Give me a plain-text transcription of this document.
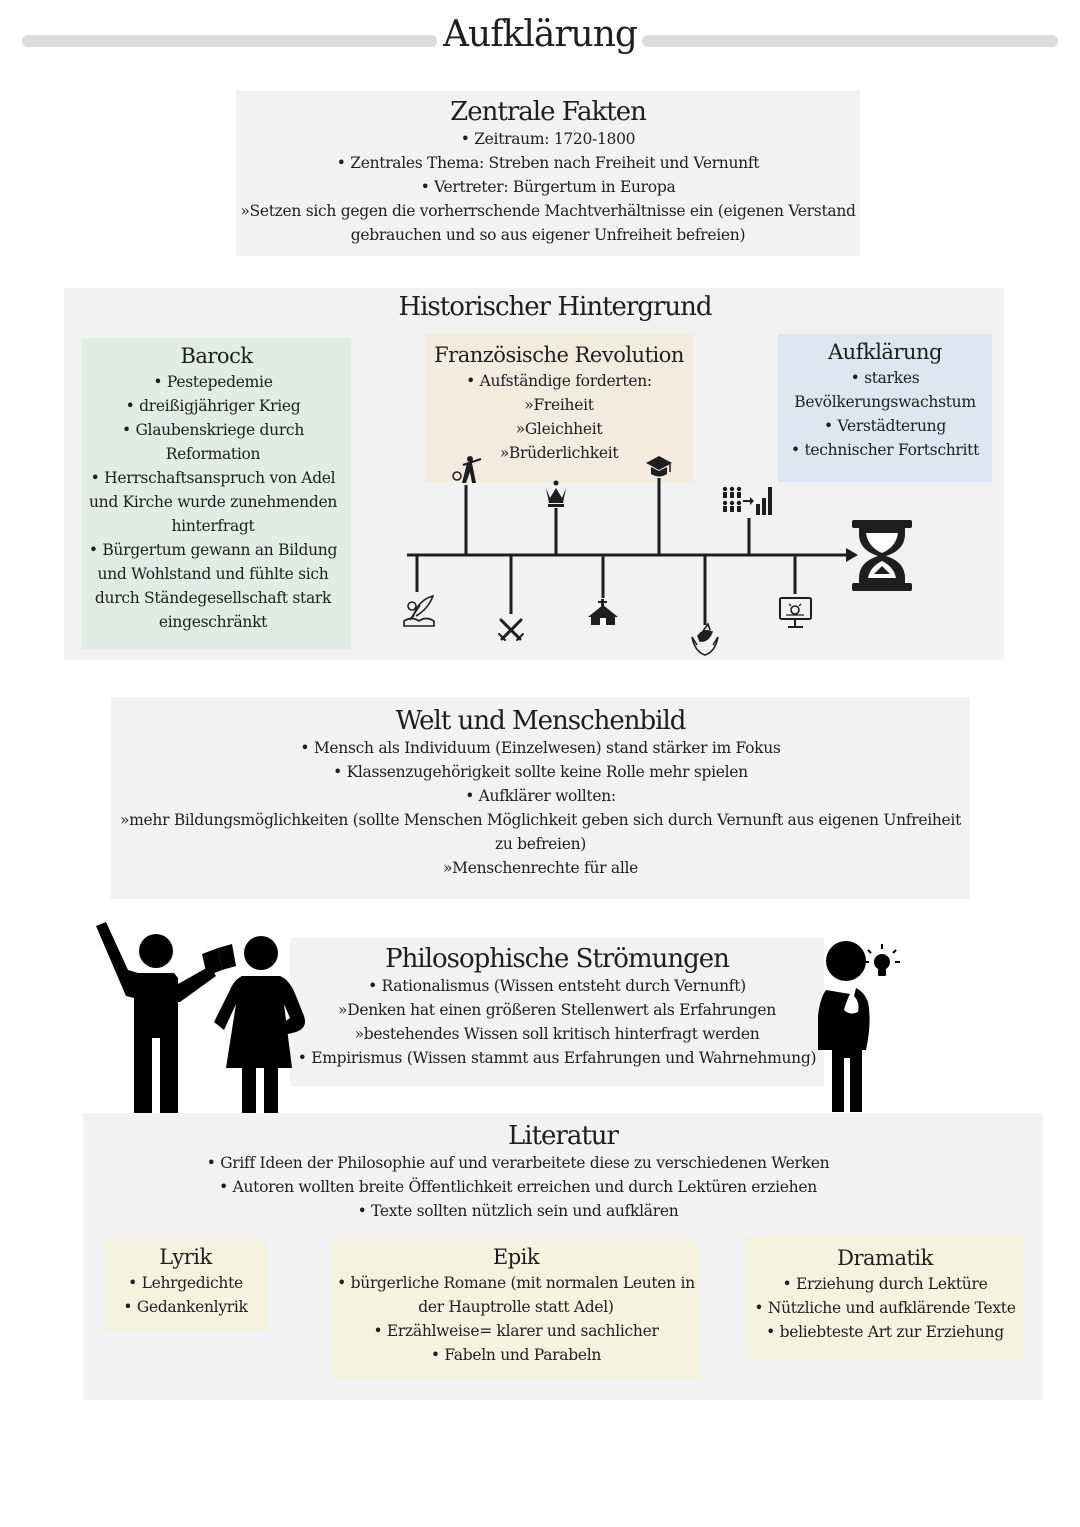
Aufklärung
Zentrale Fakten
• Zeitraum: 1720-1800
• Zentrales Thema: Streben nach Freiheit und Vernunft
• Vertreter: Bürgertum in Europa
»Setzen sich gegen die vorherrschende Machtverhältnisse ein (eigenen Verstand
gebrauchen und so aus eigener Unfreiheit befreien)
Historischer Hintergrund
Barock
• Pestepedemie
• dreißigjähriger Krieg
• Glaubenskriege durch
Reformation
• Herrschaftsanspruch von Adel
und Kirche wurde zunehmenden
hinterfragt
• Bürgertum gewann an Bildung
und Wohlstand und fühlte sich
durch Ständegesellschaft stark
eingeschränkt
Französische Revolution
• Aufständige forderten:
»Freiheit
»Gleichheit
»Brüderlichkeit
Aufklärung
• starkes
Bevölkerungswachstum
• Verstädterung
• technischer Fortschritt
Welt und Menschenbild
• Mensch als Individuum (Einzelwesen) stand stärker im Fokus
• Klassenzugehörigkeit sollte keine Rolle mehr spielen
• Aufklärer wollten:
»mehr Bildungsmöglichkeiten (sollte Menschen Möglichkeit geben sich durch Vernunft aus eigenen Unfreiheit
zu befreien)
»Menschenrechte für alle
Philosophische Strömungen
• Rationalismus (Wissen entsteht durch Vernunft)
»Denken hat einen größeren Stellenwert als Erfahrungen
»bestehendes Wissen soll kritisch hinterfragt werden
• Empirismus (Wissen stammt aus Erfahrungen und Wahrnehmung)
Literatur
• Griff Ideen der Philosophie auf und verarbeitete diese zu verschiedenen Werken
• Autoren wollten breite Öffentlichkeit erreichen und durch Lektüren erziehen
• Texte sollten nützlich sein und aufklären
Lyrik
• Lehrgedichte
• Gedankenlyrik
Epik
• bürgerliche Romane (mit normalen Leuten in
der Hauptrolle statt Adel)
• Erzählweise= klarer und sachlicher
• Fabeln und Parabeln
Dramatik
• Erziehung durch Lektüre
• Nützliche und aufklärende Texte
• beliebteste Art zur Erziehung
